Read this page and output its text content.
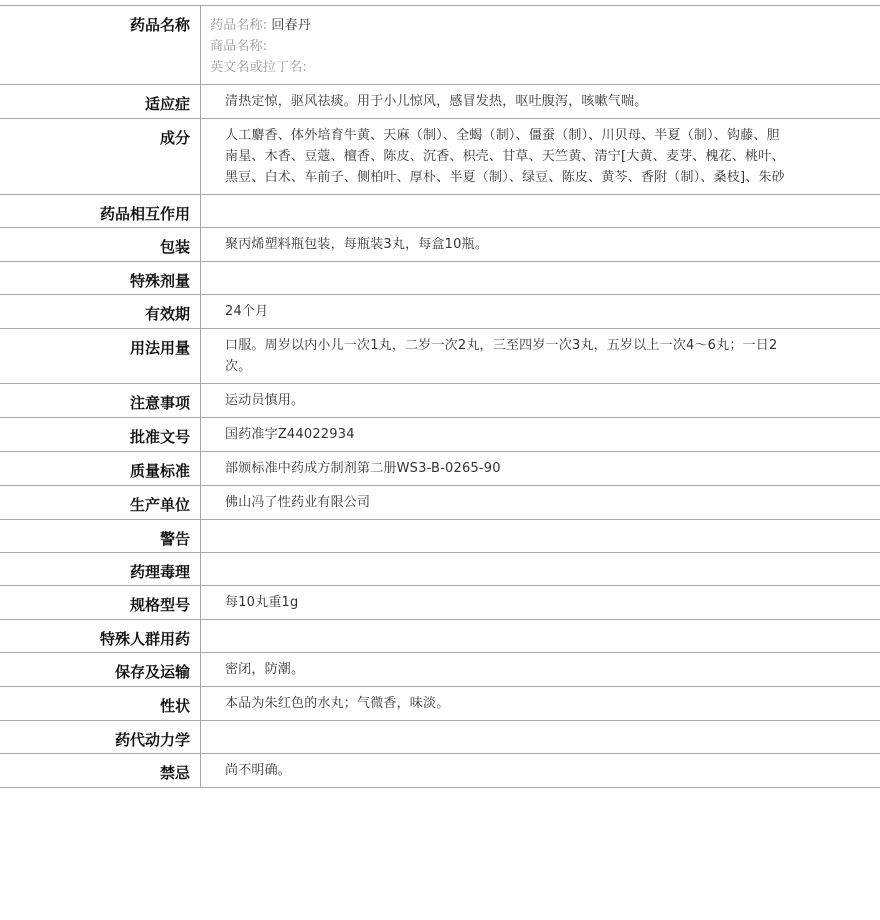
药品名称	药品名称: 回春丹
商品名称:
英文名或拉丁名:
适应症	清热定惊，驱风祛痰。用于小儿惊风，感冒发热，呕吐腹泻，咳嗽气喘。
成分	人工麝香、体外培育牛黄、天麻（制）、全蝎（制）、僵蚕（制）、川贝母、半夏（制）、钩藤、胆南星、木香、豆蔻、檀香、陈皮、沉香、枳壳、甘草、天竺黄、清宁[大黄、麦芽、槐花、桃叶、黑豆、白术、车前子、侧柏叶、厚朴、半夏（制）、绿豆、陈皮、黄芩、香附（制）、桑枝]、朱砂
药品相互作用
包装	聚丙烯塑料瓶包装，每瓶装3丸，每盒10瓶。
特殊剂量
有效期	24个月
用法用量	口服。周岁以内小儿一次1丸，二岁一次2丸，三至四岁一次3丸，五岁以上一次4～6丸；一日2次。
注意事项	运动员慎用。
批准文号	国药准字Z44022934
质量标准	部颁标准中药成方制剂第二册WS3-B-0265-90
生产单位	佛山冯了性药业有限公司
警告
药理毒理
规格型号	每10丸重1g
特殊人群用药
保存及运输	密闭，防潮。
性状	本品为朱红色的水丸；气微香，味淡。
药代动力学
禁忌	尚不明确。
